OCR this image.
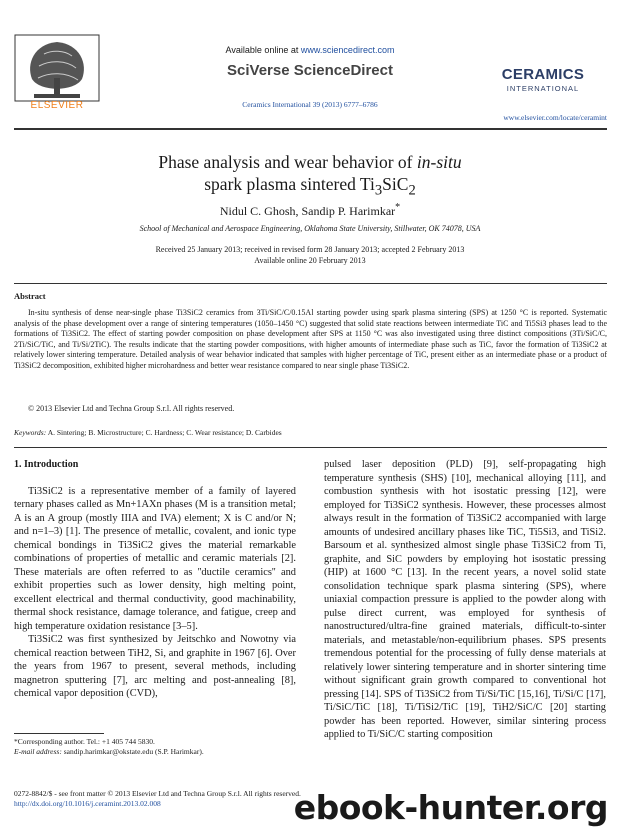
ELSEVIER
Available online at www.sciencedirect.com
SciVerse ScienceDirect
Ceramics International 39 (2013) 6777–6786
CERAMICS
INTERNATIONAL
www.elsevier.com/locate/ceramint
Phase analysis and wear behavior of in-situ
spark plasma sintered $Ti_3SiC_2$
Nidul C. Ghosh, Sandip P. Harimkar*
School of Mechanical and Aerospace Engineering, Oklahoma State University, Stillwater, OK 74078, USA
Received 25 January 2013; received in revised form 28 January 2013; accepted 2 February 2013
Available online 20 February 2013
Abstract
In-situ synthesis of dense near-single phase Ti3SiC2 ceramics from 3Ti/SiC/C/0.15Al starting powder using spark plasma sintering (SPS) at 1250 °C is reported. Systematic analysis of the phase development over a range of sintering temperatures (1050–1450 °C) suggested that solid state reactions between intermediate TiC and Ti5Si3 phases lead to the formations of Ti3SiC2. The effect of starting powder composition on phase development after SPS at 1150 °C was also investigated using three distinct compositions (3Ti/SiC/C, 2Ti/SiC/TiC, and Ti/Si/2TiC). The results indicate that the starting powder compositions, with higher amounts of intermediate phase such as TiC, favor the formation of Ti3SiC2 at relatively lower sintering temperature. Detailed analysis of wear behavior indicated that samples with higher percentage of TiC, present either as an intermediate phase or a product of Ti3SiC2 decomposition, exhibited higher microhardness and better wear resistance compared to near single phase Ti3SiC2.
© 2013 Elsevier Ltd and Techna Group S.r.l. All rights reserved.
Keywords: A. Sintering; B. Microstructure; C. Hardness; C. Wear resistance; D. Carbides
1. Introduction

Ti3SiC2 is a representative member of a family of layered ternary phases called as Mn+1AXn phases (M is a transition metal; A is an A group (mostly IIIA and IVA) element; X is C and/or N; and n=1–3) [1]. The presence of metallic, covalent, and ionic type chemical bondings in Ti3SiC2 gives the material remarkable combinations of properties of metallic and ceramic materials [2]. These materials are often referred to as ''ductile ceramics'' and exhibit properties such as lower density, high melting point, excellent electrical and thermal conductivity, good machinability, thermal shock resistance, damage tolerance, and fatigue, creep and high temperature oxidation resistance [3–5].

Ti3SiC2 was first synthesized by Jeitschko and Nowotny via chemical reaction between TiH2, Si, and graphite in 1967 [6]. Over the years from 1967 to present, several methods, including magnetron sputtering [7], arc melting and post-annealing [8], chemical vapor deposition (CVD),

pulsed laser deposition (PLD) [9], self-propagating high temperature synthesis (SHS) [10], mechanical alloying [11], and combustion synthesis with hot isostatic pressing [12], were employed for Ti3SiC2 synthesis. However, these processes almost always result in the formation of Ti3SiC2 accompanied with large amounts of undesired ancillary phases like TiC, Ti5Si3, and TiSi2. Barsoum et al. synthesized almost single phase Ti3SiC2 from Ti, graphite, and SiC powders by employing hot isostatic pressing (HIP) at 1600 °C [13]. In the recent years, a novel solid state consolidation technique spark plasma sintering (SPS), where uniaxial compaction pressure is applied to the powder along with pulse direct current, was employed for synthesis of nanostructured/ultra-fine grained materials, difficult-to-sinter materials, and metastable/non-equilibrium phases. SPS presents tremendous potential for the processing of fully dense materials at relatively lower sintering temperature and in shorter sintering time without significant grain growth compared to conventional hot pressing [14]. SPS of Ti3SiC2 from Ti/Si/TiC [15,16], Ti/Si/C [17], Ti/SiC/TiC [18], Ti/TiSi2/TiC [19], TiH2/SiC/C [20] starting powder has been reported. However, similar sintering process applied to Ti/SiC/C starting composition

*Corresponding author. Tel.: +1 405 744 5830.
E-mail address: sandip.harimkar@okstate.edu (S.P. Harimkar).
0272-8842/$ - see front matter © 2013 Elsevier Ltd and Techna Group S.r.l. All rights reserved.
http://dx.doi.org/10.1016/j.ceramint.2013.02.008	ebook-hunter.org
